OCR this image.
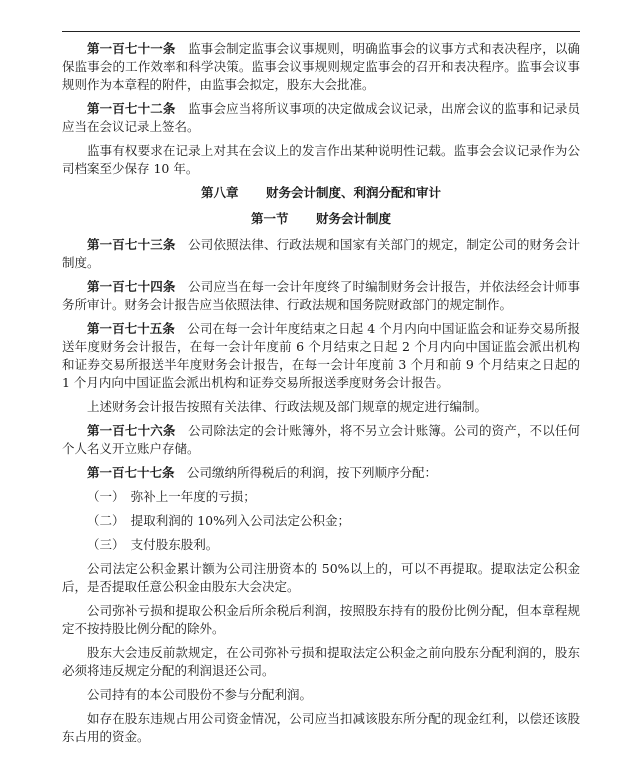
第一百七十一条　监事会制定监事会议事规则，明确监事会的议事方式和表决程序，以确保监事会的工作效率和科学决策。监事会议事规则规定监事会的召开和表决程序。监事会议事规则作为本章程的附件，由监事会拟定，股东大会批准。

第一百七十二条　监事会应当将所议事项的决定做成会议记录，出席会议的监事和记录员应当在会议记录上签名。

监事有权要求在记录上对其在会议上的发言作出某种说明性记载。监事会会议记录作为公司档案至少保存 10 年。

第八章 财务会计制度、利润分配和审计

第一节 财务会计制度

第一百七十三条　公司依照法律、行政法规和国家有关部门的规定，制定公司的财务会计制度。

第一百七十四条　公司应当在每一会计年度终了时编制财务会计报告，并依法经会计师事务所审计。财务会计报告应当依照法律、行政法规和国务院财政部门的规定制作。

第一百七十五条　公司在每一会计年度结束之日起 4 个月内向中国证监会和证券交易所报送年度财务会计报告，在每一会计年度前 6 个月结束之日起 2 个月内向中国证监会派出机构和证券交易所报送半年度财务会计报告，在每一会计年度前 3 个月和前 9 个月结束之日起的 1 个月内向中国证监会派出机构和证券交易所报送季度财务会计报告。

上述财务会计报告按照有关法律、行政法规及部门规章的规定进行编制。

第一百七十六条　公司除法定的会计账簿外，将不另立会计账簿。公司的资产，不以任何个人名义开立账户存储。

第一百七十七条　公司缴纳所得税后的利润，按下列顺序分配：

（一）　弥补上一年度的亏损；

（二）　提取利润的 10%列入公司法定公积金；

（三）　支付股东股利。

公司法定公积金累计额为公司注册资本的 50%以上的，可以不再提取。提取法定公积金后，是否提取任意公积金由股东大会决定。

公司弥补亏损和提取公积金后所余税后利润，按照股东持有的股份比例分配，但本章程规定不按持股比例分配的除外。

股东大会违反前款规定，在公司弥补亏损和提取法定公积金之前向股东分配利润的，股东必须将违反规定分配的利润退还公司。

公司持有的本公司股份不参与分配利润。

如存在股东违规占用公司资金情况，公司应当扣减该股东所分配的现金红利，以偿还该股东占用的资金。
